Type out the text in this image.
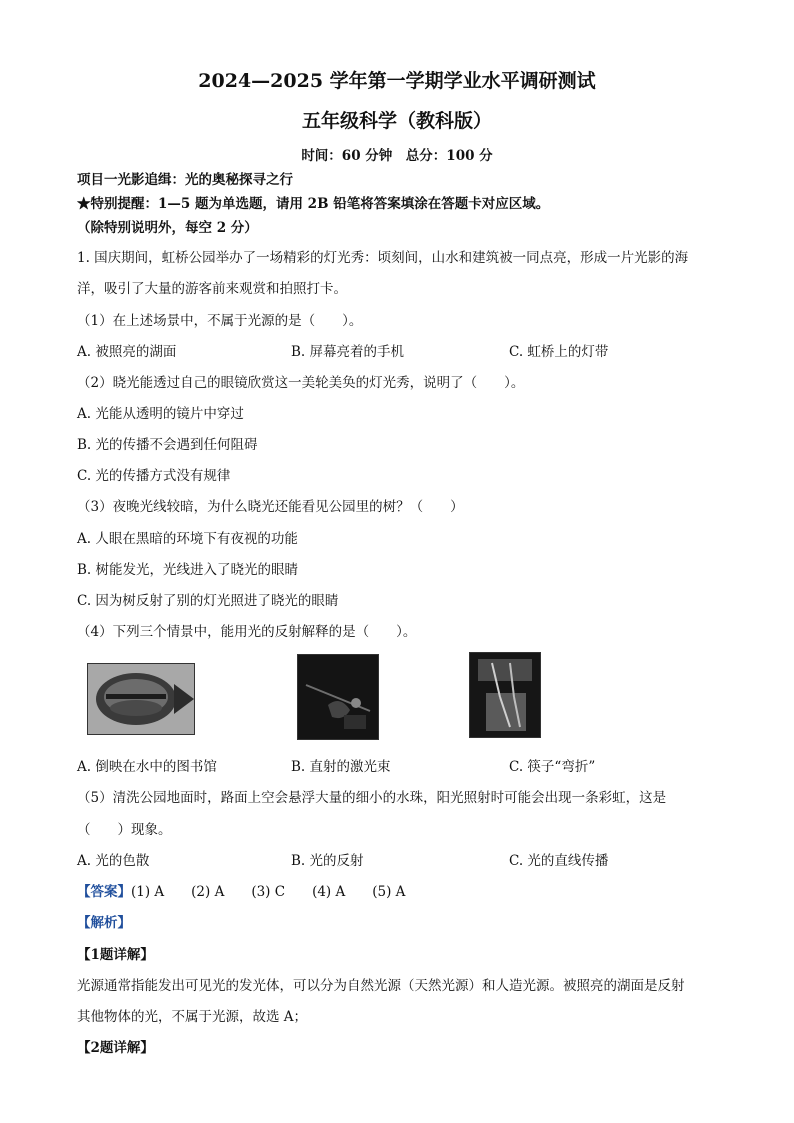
2024—2025 学年第一学期学业水平调研测试
五年级科学（教科版）
时间：60 分钟　总分：100 分
项目一光影追缉：光的奥秘探寻之行
★特别提醒：1—5 题为单选题，请用 2B 铅笔将答案填涂在答题卡对应区域。
（除特别说明外，每空 2 分）
1. 国庆期间，虹桥公园举办了一场精彩的灯光秀：顷刻间，山水和建筑被一同点亮，形成一片光影的海
洋，吸引了大量的游客前来观赏和拍照打卡。
（1）在上述场景中，不属于光源的是（　　）。
A. 被照亮的湖面	B. 屏幕亮着的手机	C. 虹桥上的灯带
（2）晓光能透过自己的眼镜欣赏这一美轮美奂的灯光秀，说明了（　　）。
A. 光能从透明的镜片中穿过
B. 光的传播不会遇到任何阻碍
C. 光的传播方式没有规律
（3）夜晚光线较暗，为什么晓光还能看见公园里的树？（　　）
A. 人眼在黑暗的环境下有夜视的功能
B. 树能发光，光线进入了晓光的眼睛
C. 因为树反射了别的灯光照进了晓光的眼睛
（4）下列三个情景中，能用光的反射解释的是（　　）。
A. 倒映在水中的图书馆	B. 直射的激光束	C. 筷子“弯折”
（5）清洗公园地面时，路面上空会悬浮大量的细小的水珠，阳光照射时可能会出现一条彩虹，这是
（　　）现象。
A. 光的色散	B. 光的反射	C. 光的直线传播
【答案】(1) A　　(2) A　　(3) C　　(4) A　　(5) A
【解析】
【1题详解】
光源通常指能发出可见光的发光体，可以分为自然光源（天然光源）和人造光源。被照亮的湖面是反射
其他物体的光，不属于光源，故选 A；
【2题详解】
